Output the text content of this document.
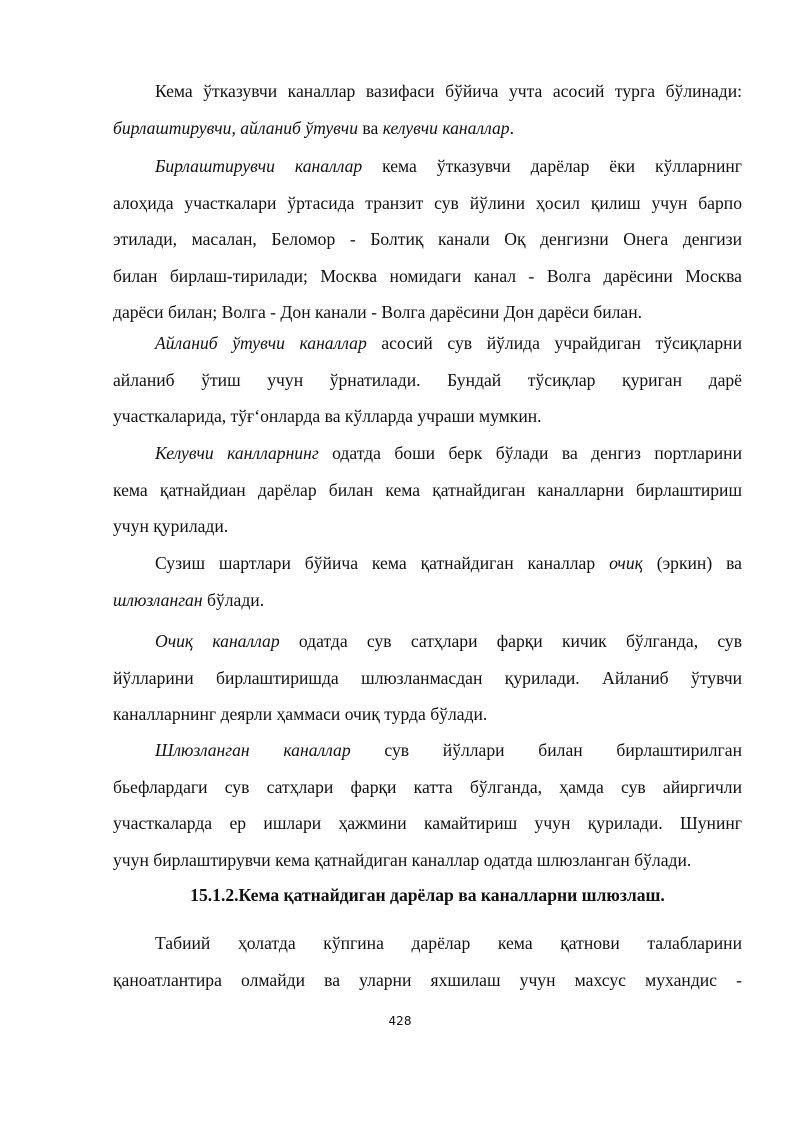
Кема ўтказувчи каналлар вазифаси бўйича учта асосий турга бўлинади:
бирлаштирувчи, айланиб ўтувчи ва келувчи каналлар.

Бирлаштирувчи каналлар кема ўтказувчи дарёлар ёки кўлларнинг
алоҳида участкалари ўртасида транзит сув йўлини ҳосил қилиш учун барпо
этилади, масалан, Беломор - Болтиқ канали Оқ денгизни Онега денгизи
билан бирлаш-тирилади; Москва номидаги канал - Волга дарёсини Москва
дарёси билан; Волга - Дон канали - Волга дарёсини Дон дарёси билан.

Айланиб ўтувчи каналлар асосий сув йўлида учрайдиган тўсиқларни
айланиб ўтиш учун ўрнатилади. Бундай тўсиқлар қуриган дарё
участкаларида, тўғʻонларда ва кўлларда учраши мумкин.

Келувчи канлларнинг одатда боши берк бўлади ва денгиз портларини
кема қатнайдиан дарёлар билан кема қатнайдиган каналларни бирлаштириш
учун қурилади.

Сузиш шартлари бўйича кема қатнайдиган каналлар очиқ (эркин) ва
шлюзланган бўлади.

Очиқ каналлар одатда сув сатҳлари фарқи кичик бўлганда, сув
йўлларини бирлаштиришда шлюзланмасдан қурилади. Айланиб ўтувчи
каналларнинг деярли ҳаммаси очиқ турда бўлади.

Шлюзланган каналлар сув йўллари билан бирлаштирилган
бьефлардаги сув сатҳлари фарқи катта бўлганда, ҳамда сув айиргичли
участкаларда ер ишлари ҳажмини камайтириш учун қурилади. Шунинг
учун бирлаштирувчи кема қатнайдиган каналлар одатда шлюзланган бўлади.

15.1.2.Кема қатнайдиган дарёлар ва каналларни шлюзлаш.

Табиий ҳолатда кўпгина дарёлар кема қатнови талабларини
қаноатлантира олмайди ва уларни яхшилаш учун махсус мухандис -

428
